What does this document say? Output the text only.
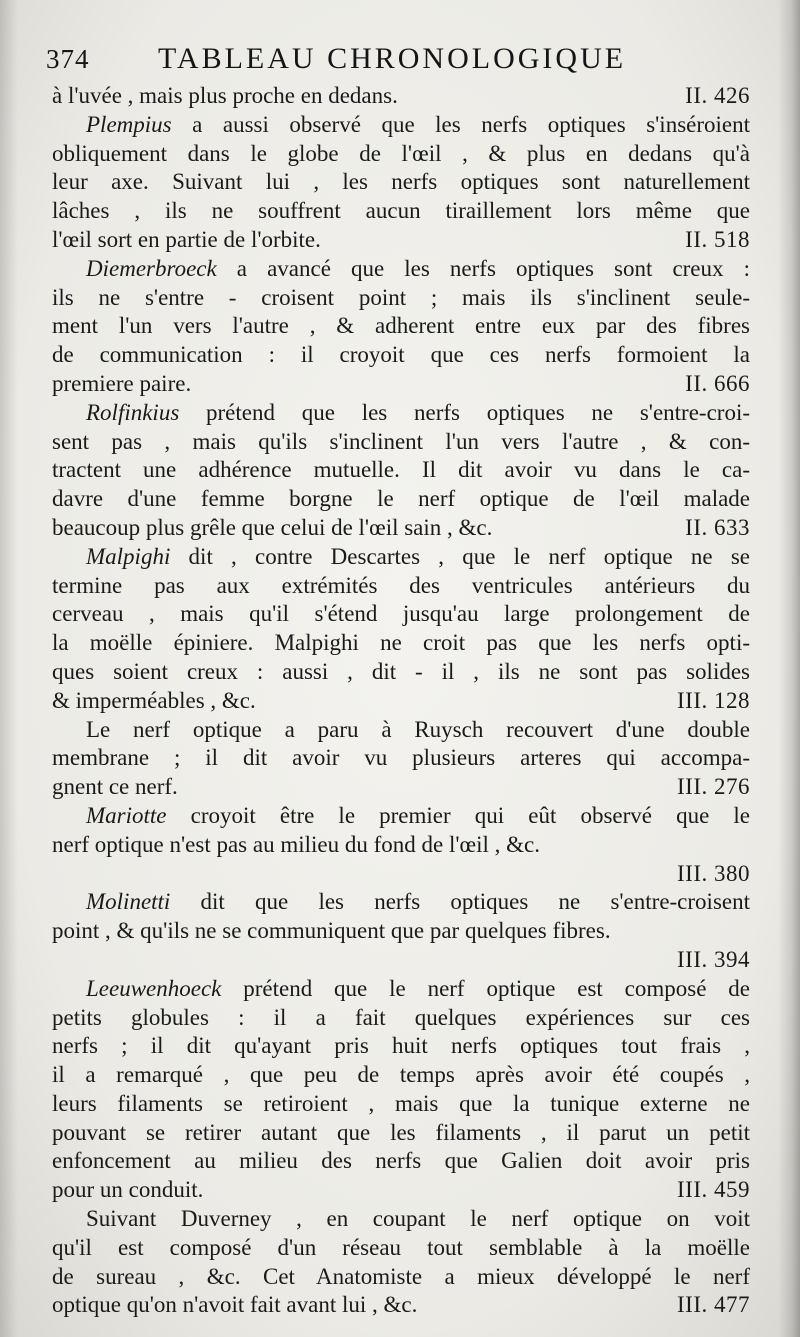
374 TABLEAU CHRONOLOGIQUE
à l'uvée , mais plus proche en dedans.	II. 426
Plempius a aussi observé que les nerfs optiques s'inséroient
obliquement dans le globe de l'œil , & plus en dedans qu'à
leur axe. Suivant lui , les nerfs optiques sont naturellement
lâches , ils ne souffrent aucun tiraillement lors même que
l'œil sort en partie de l'orbite.	II. 518
Diemerbroeck a avancé que les nerfs optiques sont creux :
ils ne s'entre - croisent point ; mais ils s'inclinent seule-
ment l'un vers l'autre , & adherent entre eux par des fibres
de communication : il croyoit que ces nerfs formoient la
premiere paire.	II. 666
Rolfinkius prétend que les nerfs optiques ne s'entre-croi-
sent pas , mais qu'ils s'inclinent l'un vers l'autre , & con-
tractent une adhérence mutuelle. Il dit avoir vu dans le ca-
davre d'une femme borgne le nerf optique de l'œil malade
beaucoup plus grêle que celui de l'œil sain , &c.	II. 633
Malpighi dit , contre Descartes , que le nerf optique ne se
termine pas aux extrémités des ventricules antérieurs du
cerveau , mais qu'il s'étend jusqu'au large prolongement de
la moëlle épiniere. Malpighi ne croit pas que les nerfs opti-
ques soient creux : aussi , dit - il , ils ne sont pas solides
& imperméables , &c.	III. 128
Le nerf optique a paru à Ruysch recouvert d'une double
membrane ; il dit avoir vu plusieurs arteres qui accompa-
gnent ce nerf.	III. 276
Mariotte croyoit être le premier qui eût observé que le
nerf optique n'est pas au milieu du fond de l'œil , &c.
III. 380
Molinetti dit que les nerfs optiques ne s'entre-croisent
point , & qu'ils ne se communiquent que par quelques fibres.
III. 394
Leeuwenhoeck prétend que le nerf optique est composé de
petits globules : il a fait quelques expériences sur ces
nerfs ; il dit qu'ayant pris huit nerfs optiques tout frais ,
il a remarqué , que peu de temps après avoir été coupés ,
leurs filaments se retiroient , mais que la tunique externe ne
pouvant se retirer autant que les filaments , il parut un petit
enfoncement au milieu des nerfs que Galien doit avoir pris
pour un conduit.	III. 459
Suivant Duverney , en coupant le nerf optique on voit
qu'il est composé d'un réseau tout semblable à la moëlle
de sureau , &c. Cet Anatomiste a mieux développé le nerf
optique qu'on n'avoit fait avant lui , &c.	III. 477
